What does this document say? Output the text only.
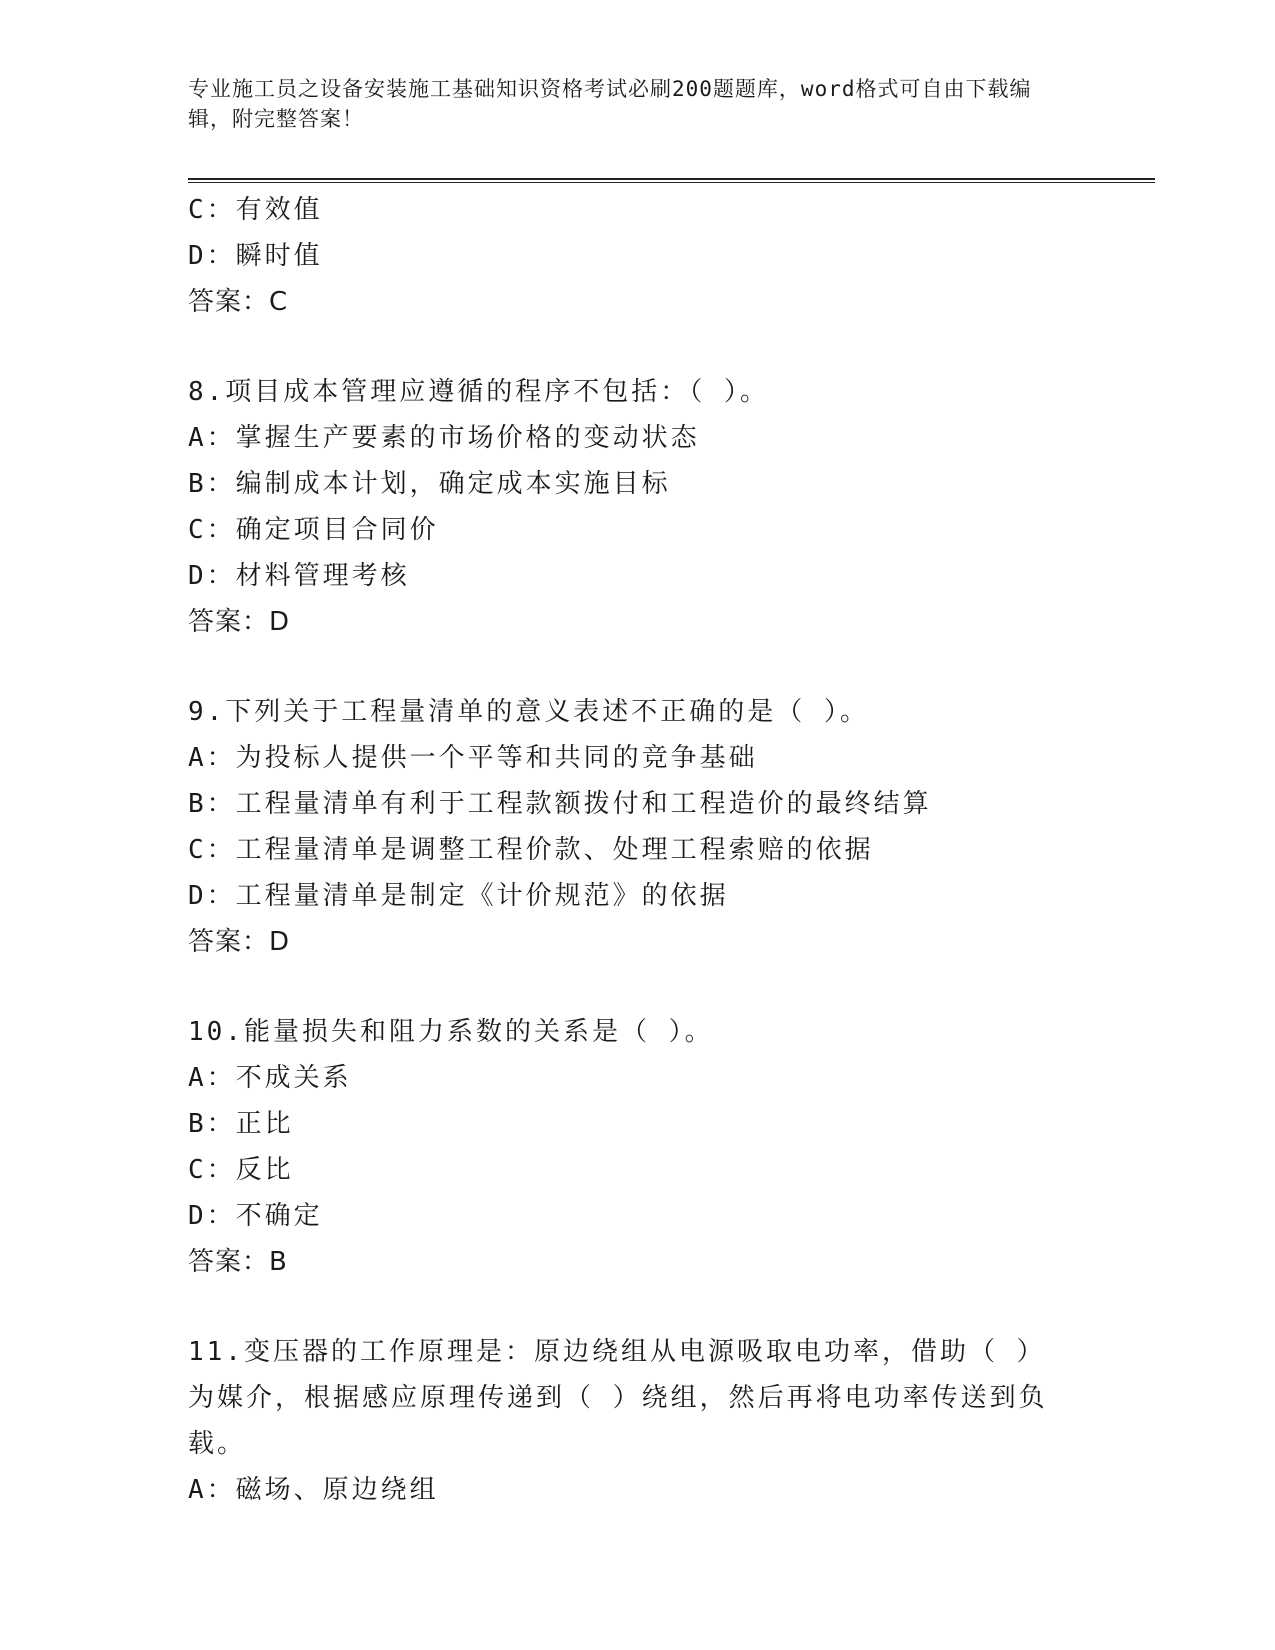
专业施工员之设备安装施工基础知识资格考试必刷200题题库，word格式可自由下载编辑，附完整答案！
C：有效值
D：瞬时值
答案：C
8.项目成本管理应遵循的程序不包括：（ ）。
A：掌握生产要素的市场价格的变动状态
B：编制成本计划，确定成本实施目标
C：确定项目合同价
D：材料管理考核
答案：D
9.下列关于工程量清单的意义表述不正确的是（ ）。
A：为投标人提供一个平等和共同的竞争基础
B：工程量清单有利于工程款额拨付和工程造价的最终结算
C：工程量清单是调整工程价款、处理工程索赔的依据
D：工程量清单是制定《计价规范》的依据
答案：D
10.能量损失和阻力系数的关系是（ ）。
A：不成关系
B：正比
C：反比
D：不确定
答案：B
11.变压器的工作原理是：原边绕组从电源吸取电功率，借助（ ）为媒介，根据感应原理传递到（ ）绕组，然后再将电功率传送到负载。
A：磁场、原边绕组
